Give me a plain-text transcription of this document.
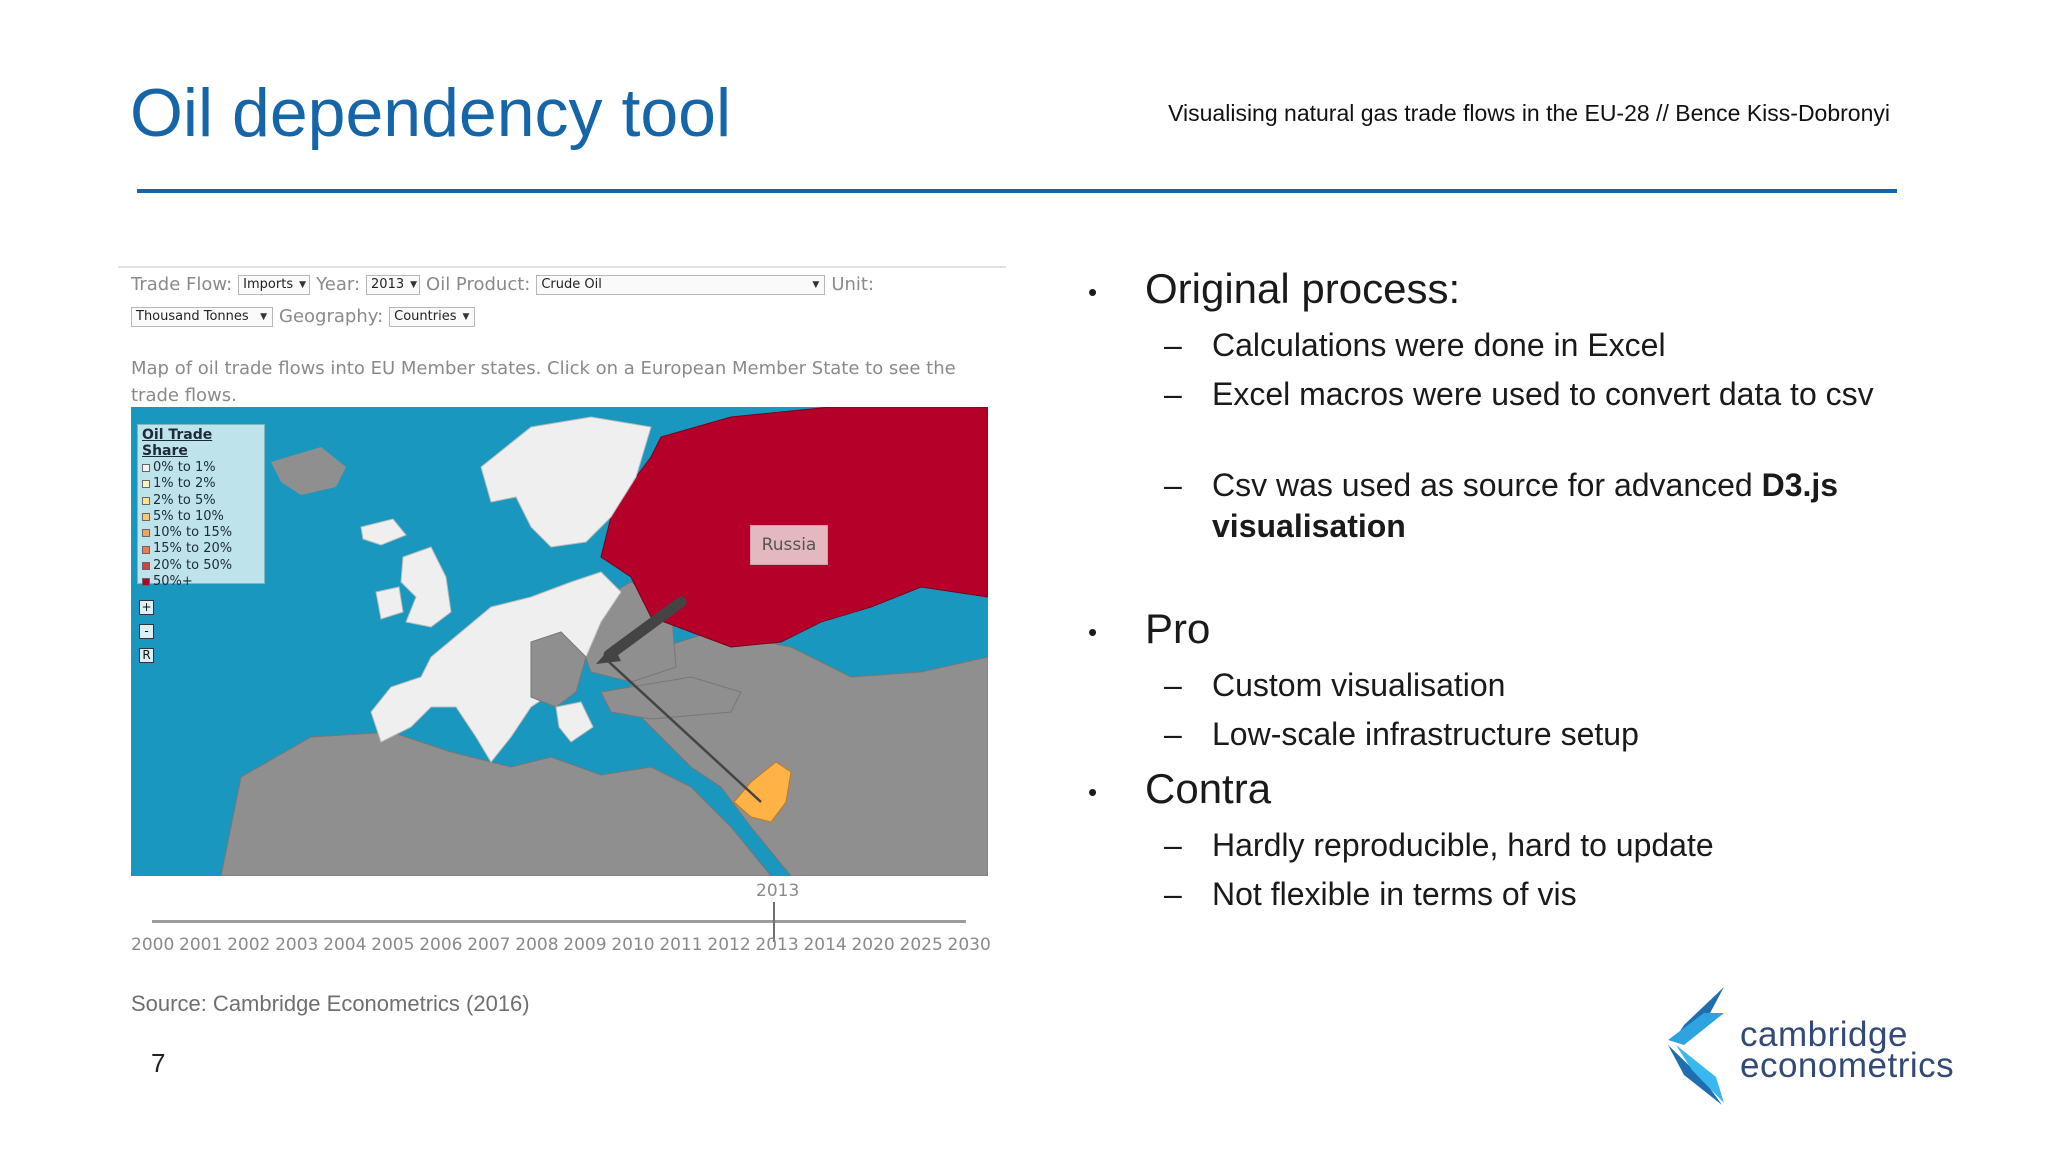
Oil dependency tool	Visualising natural gas trade flows in the EU-28 // Bence Kiss-Dobronyi
Trade Flow: Imports ▼ Year: 2013 ▼ Oil Product: Crude Oil	▼ Unit:
Thousand Tonnes ▼ Geography: Countries ▼
Map of oil trade flows into EU Member states. Click on a European Member State to see the trade flows.
Oil Trade Share
0% to 1%
1% to 2%
2% to 5%
5% to 10%
10% to 15%
15% to 20%
20% to 50%
50%+
+
-
R
Russia
2013
2000 2001 2002 2003 2004 2005 2006 2007 2008 2009 2010 2011 2012 2013 2014 2020 2025 2030
Source: Cambridge Econometrics (2016)
7
• Original process:
– Calculations were done in Excel
– Excel macros were used to convert data to csv
– Csv was used as source for advanced D3.js visualisation
• Pro
– Custom visualisation
– Low-scale infrastructure setup
• Contra
– Hardly reproducible, hard to update
– Not flexible in terms of vis
cambridge
econometrics
